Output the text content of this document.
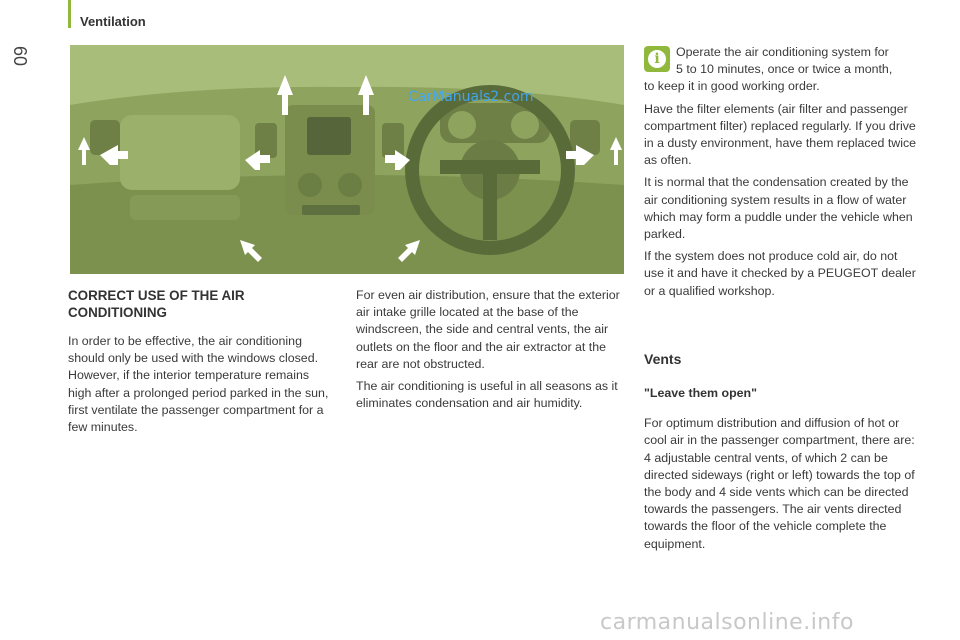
Ventilation
60
CarManuals2.com
CORRECT USE OF THE AIR
CONDITIONING

In order to be effective, the air conditioning should only be used with the windows closed. However, if the interior temperature remains high after a prolonged period parked in the sun, first ventilate the passenger compartment for a few minutes.

For even air distribution, ensure that the exterior air intake grille located at the base of the windscreen, the side and central vents, the air outlets on the floor and the air extractor at the rear are not obstructed.

The air conditioning is useful in all seasons as it eliminates condensation and air humidity.

i	Operate the air conditioning system for

5 to 10 minutes, once or twice a month,

to keep it in good working order.

Have the filter elements (air filter and passenger compartment filter) replaced regularly. If you drive in a dusty environment, have them replaced twice as often.

It is normal that the condensation created by the air conditioning system results in a flow of water which may form a puddle under the vehicle when parked.

If the system does not produce cold air, do not use it and have it checked by a PEUGEOT dealer or a qualified workshop.

Vents

"Leave them open"

For optimum distribution and diffusion of hot or cool air in the passenger compartment, there are: 4 adjustable central vents, of which 2 can be directed sideways (right or left) towards the top of the body and 4 side vents which can be directed towards the passengers. The air vents directed towards the floor of the vehicle complete the equipment.

carmanualsonline.info
